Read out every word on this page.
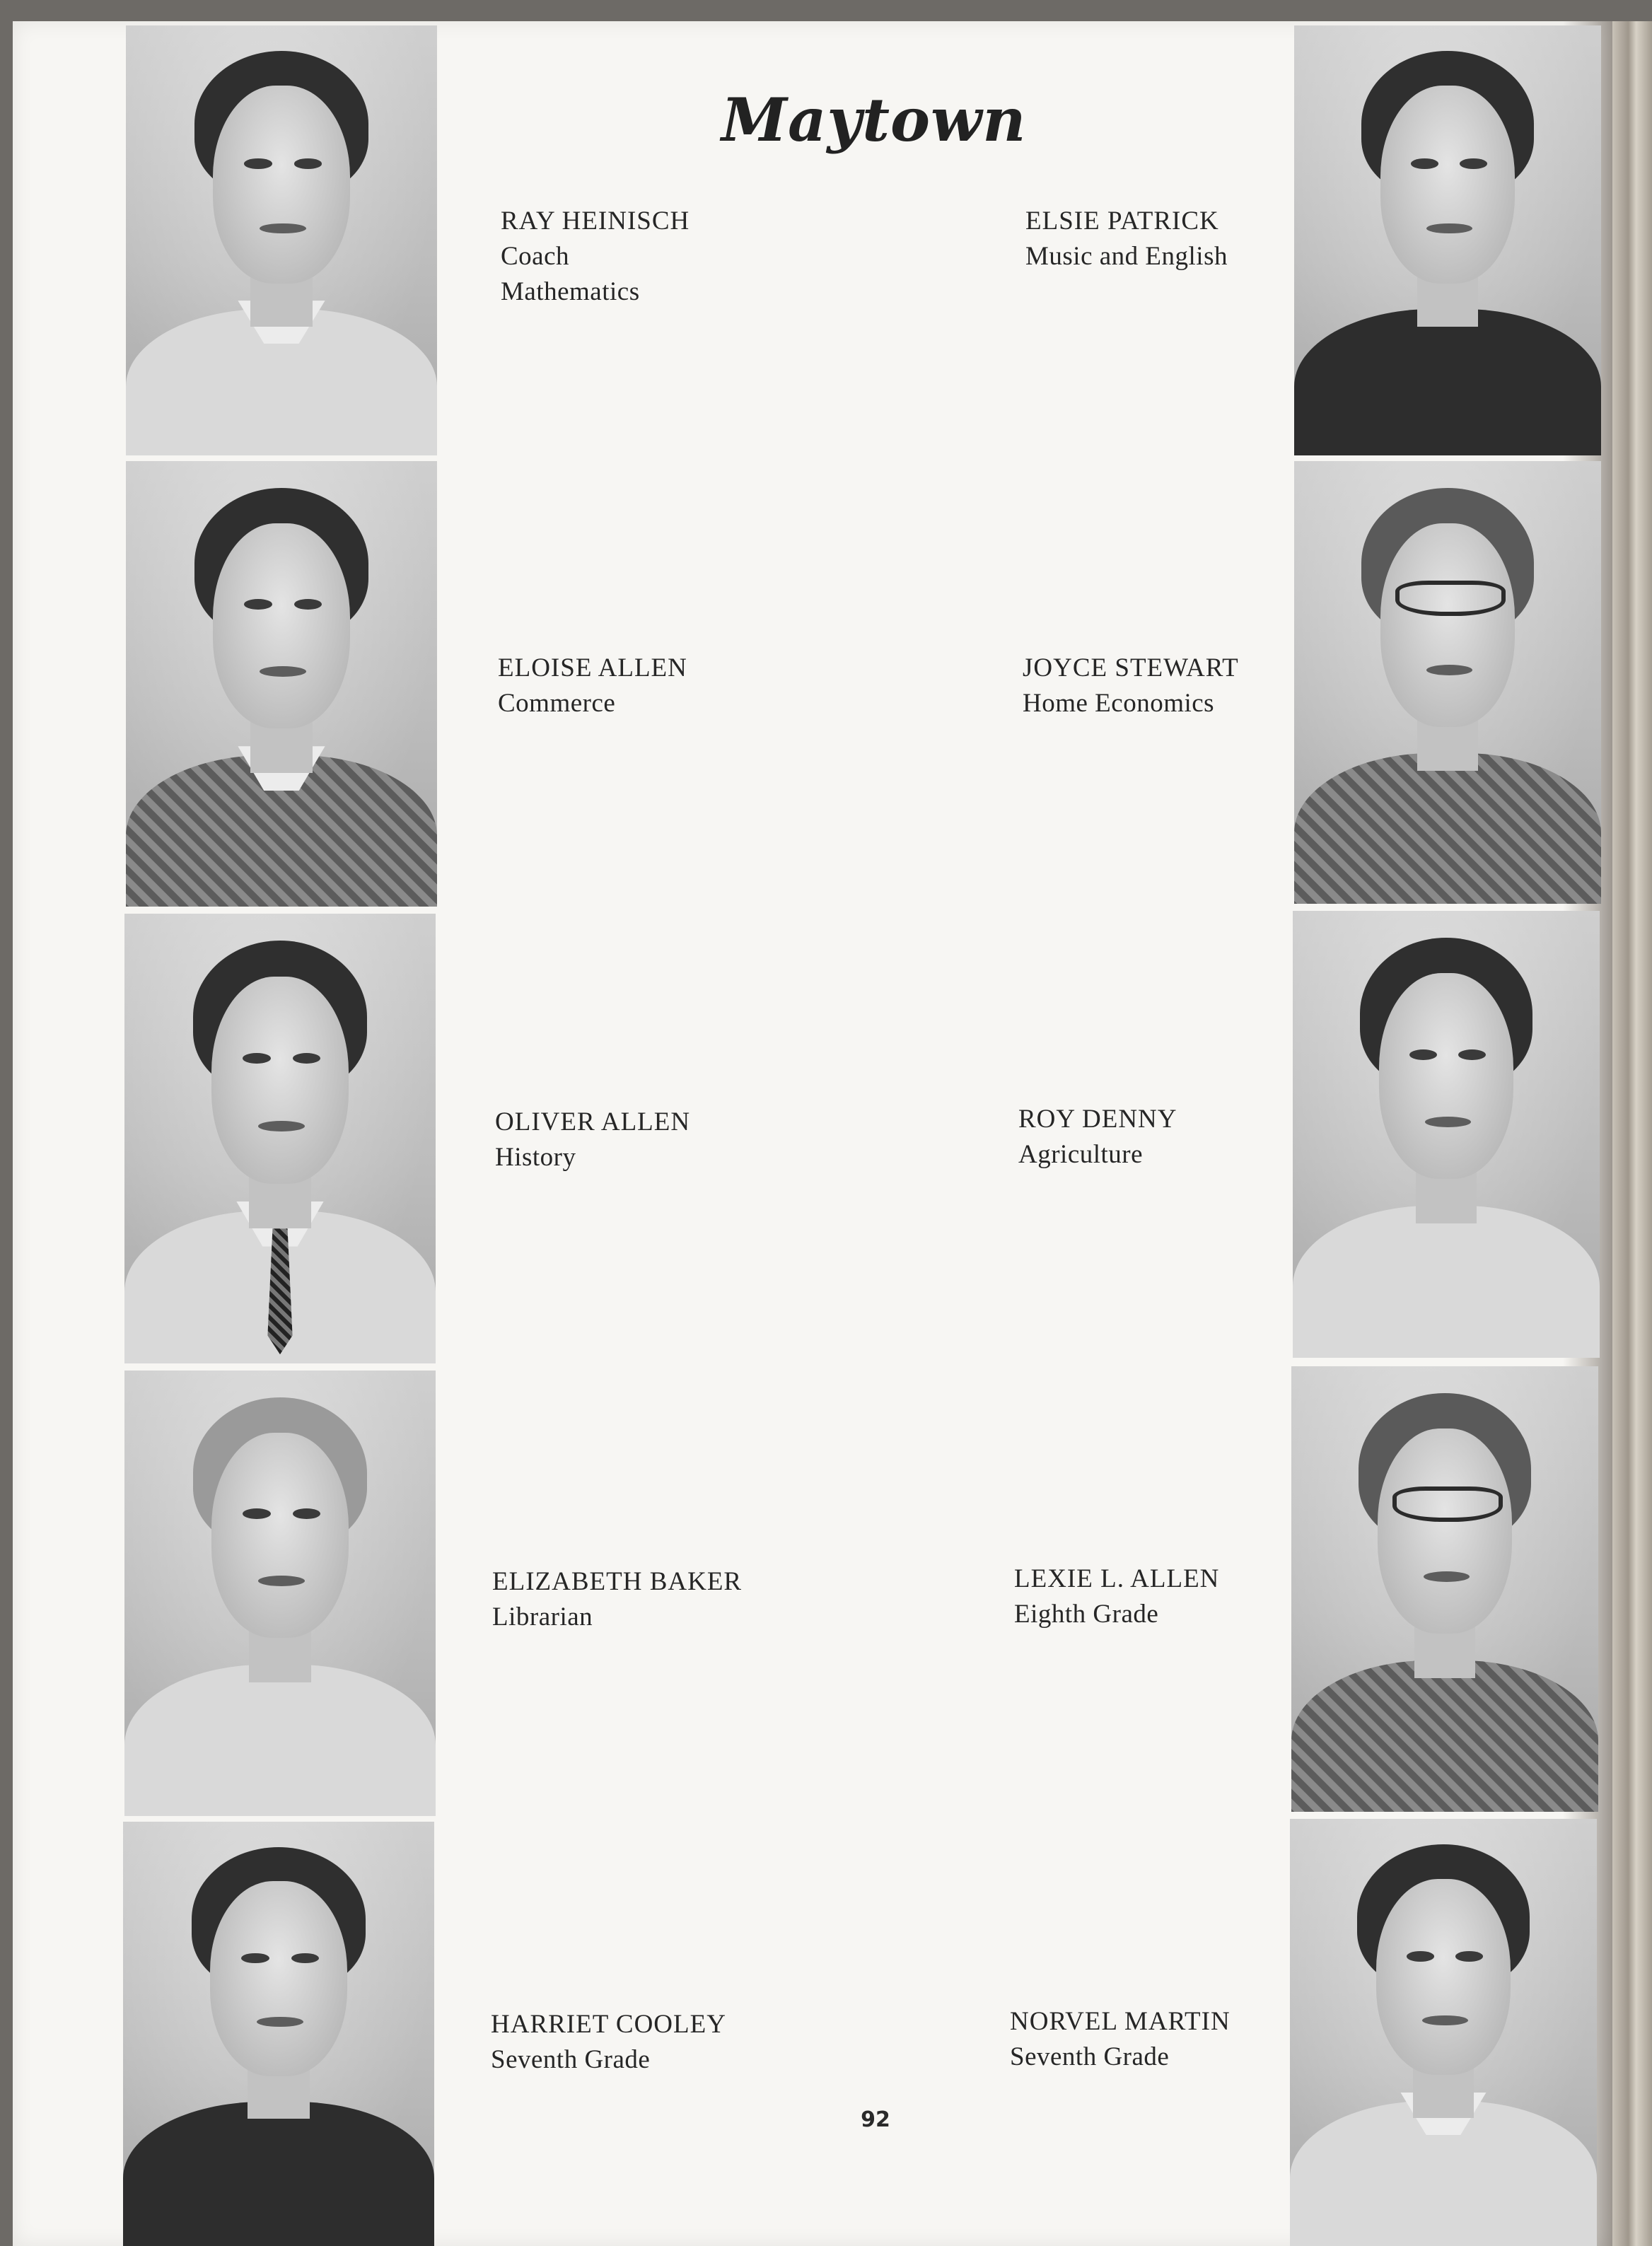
Maytown
RAY HEINISCH
Coach
Mathematics
ELOISE ALLEN
Commerce
OLIVER ALLEN
History
ELIZABETH BAKER
Librarian
HARRIET COOLEY
Seventh Grade
ELSIE PATRICK
Music and English
JOYCE STEWART
Home Economics
ROY DENNY
Agriculture
LEXIE L. ALLEN
Eighth Grade
NORVEL MARTIN
Seventh Grade
92
